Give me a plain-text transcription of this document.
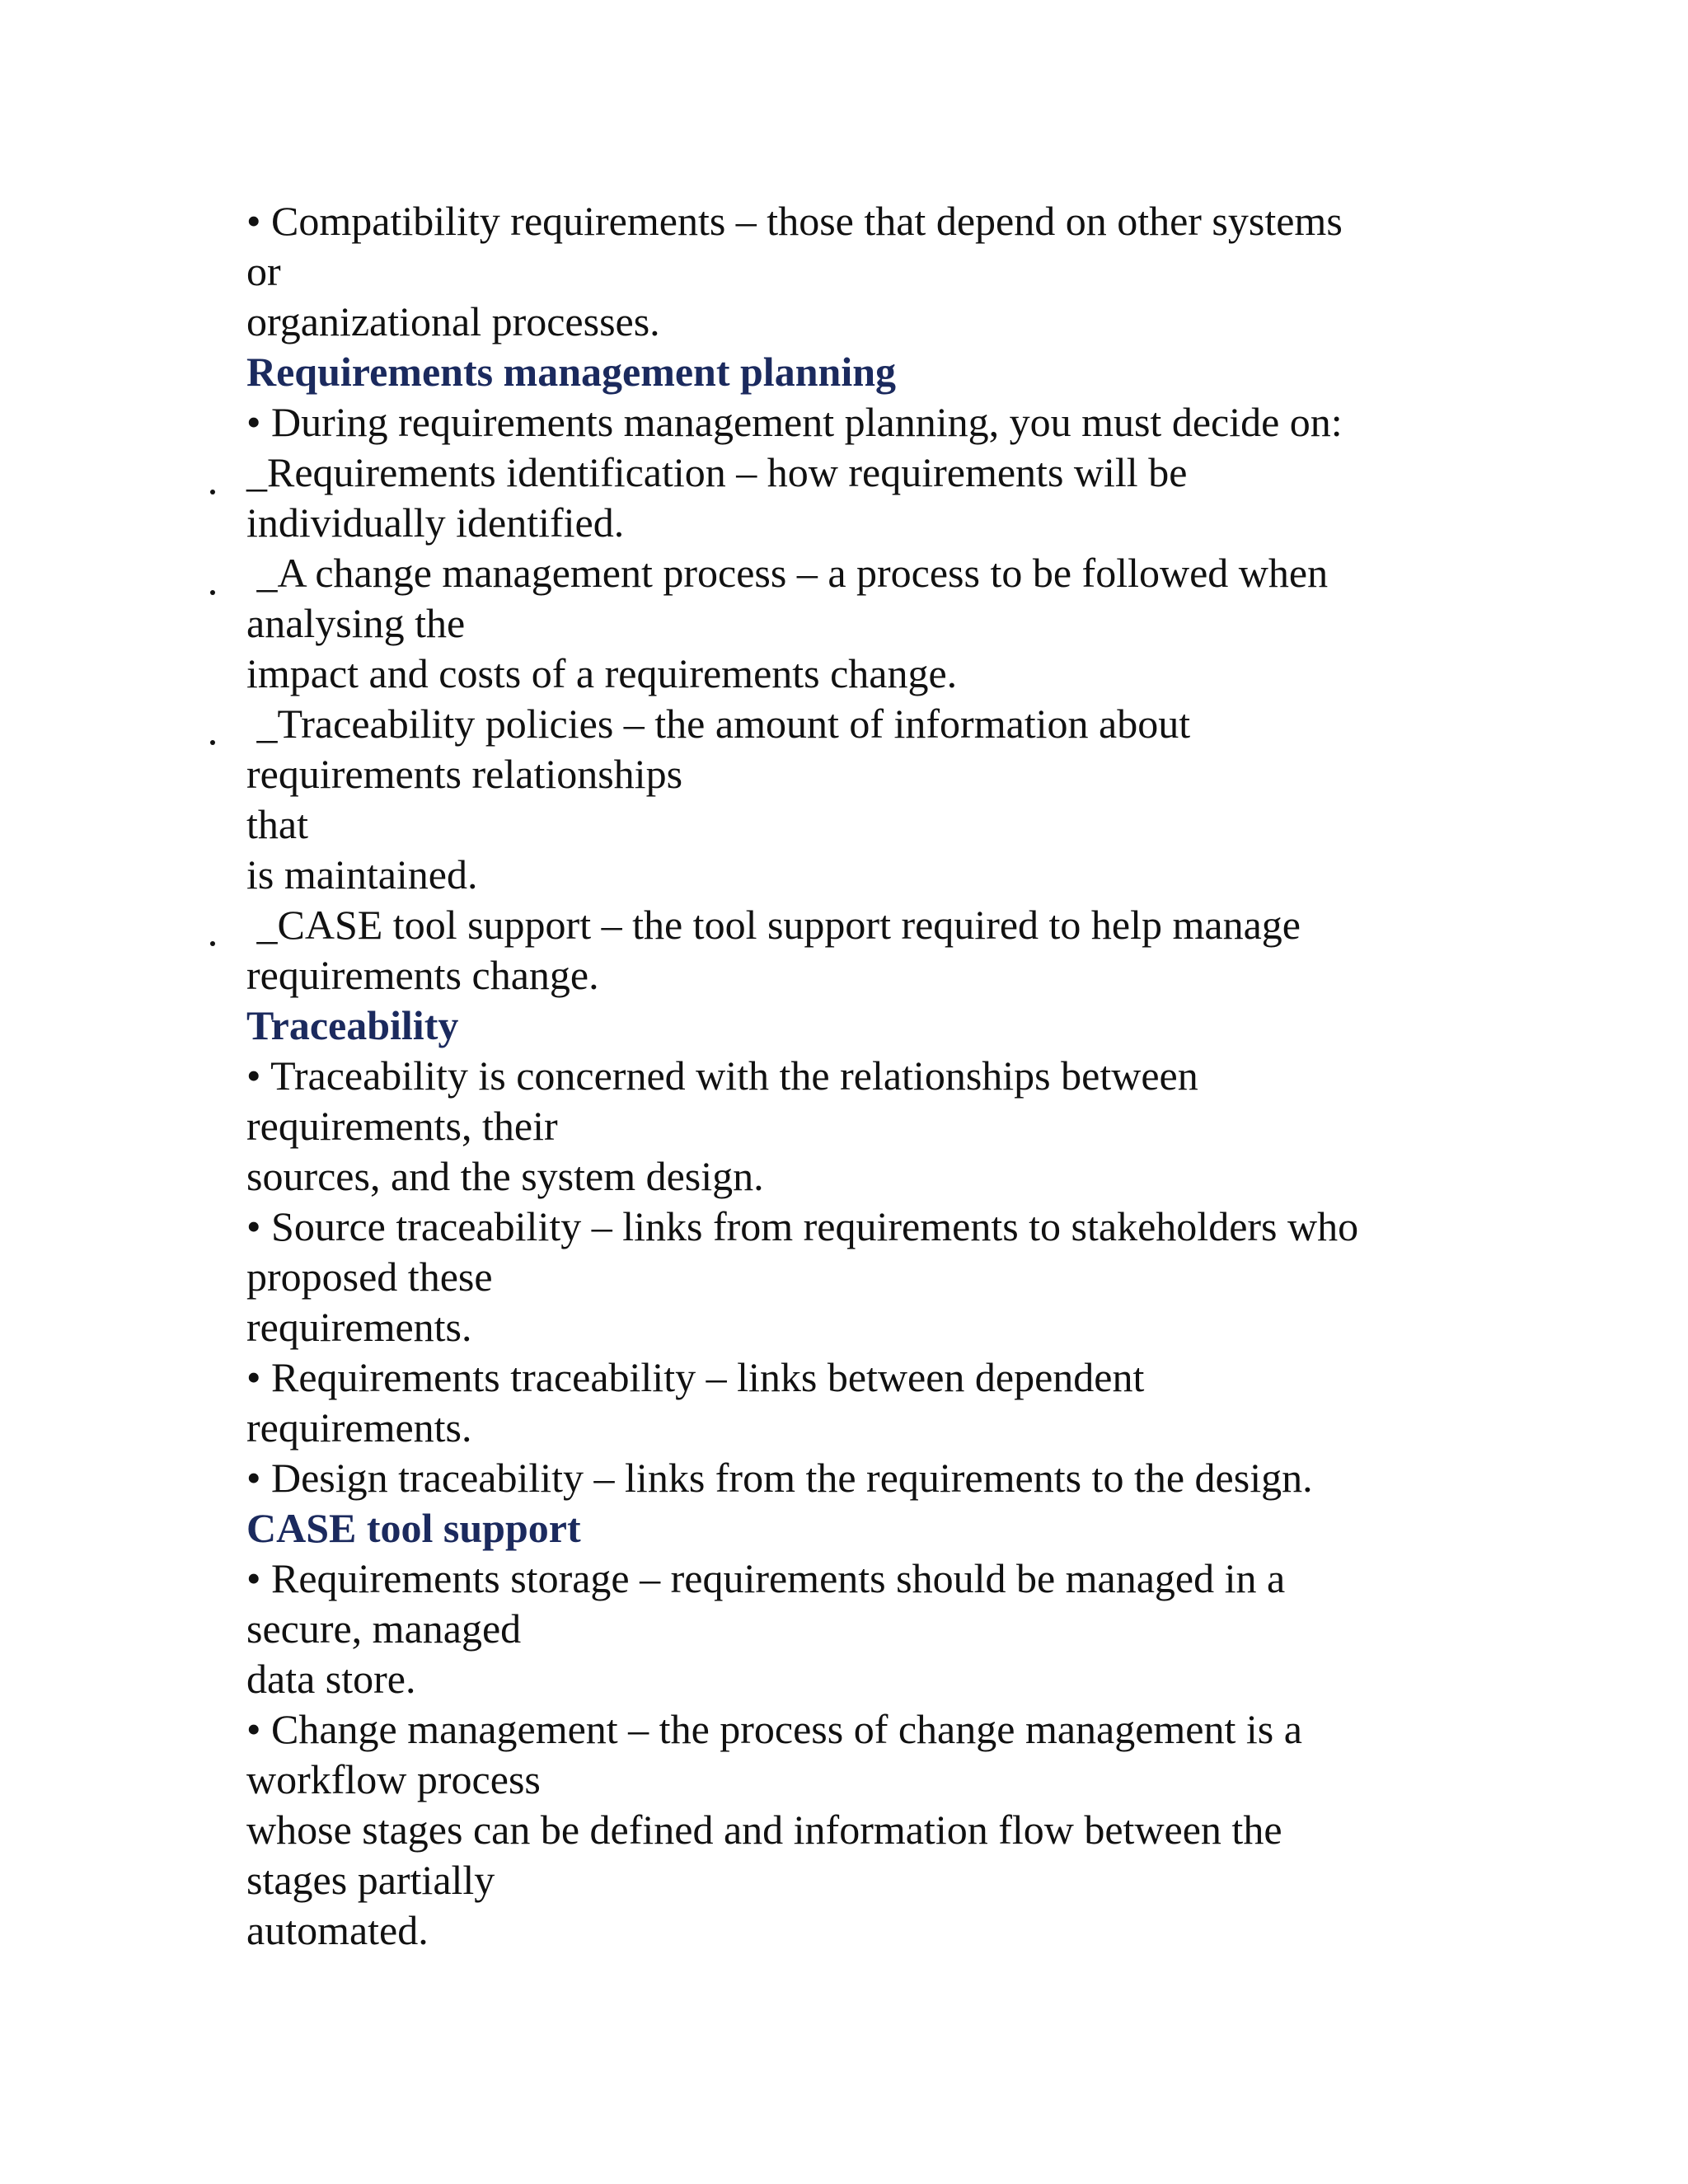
• Compatibility requirements – those that depend on other systems
or
organizational processes.
Requirements management planning
• During requirements management planning, you must decide on:
_Requirements identification – how requirements will be
individually identified.
_A change management process – a process to be followed when
analysing the
impact and costs of a requirements change.
_Traceability policies – the amount of information about
requirements relationships
that
is maintained.
_CASE tool support – the tool support required to help manage
requirements change.
Traceability
• Traceability is concerned with the relationships between
requirements, their
sources, and the system design.
• Source traceability – links from requirements to stakeholders who
proposed these
requirements.
• Requirements traceability – links between dependent
requirements.
• Design traceability – links from the requirements to the design.
CASE tool support
• Requirements storage – requirements should be managed in a
secure, managed
data store.
• Change management – the process of change management is a
workflow process
whose stages can be defined and information flow between the
stages partially
automated.
